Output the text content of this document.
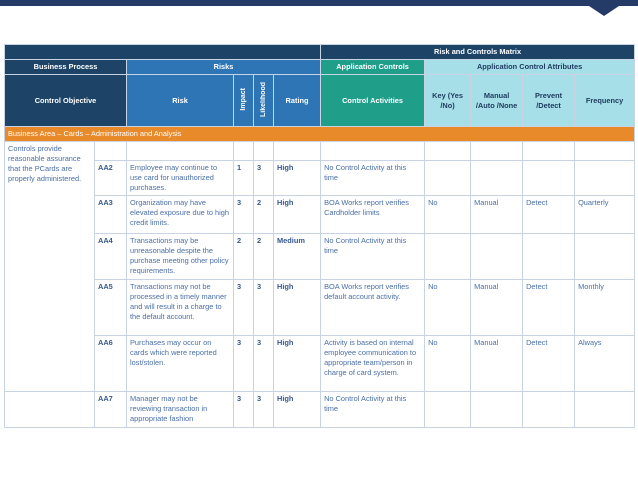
						Risk and Controls Matrix				
Business Process		Risks				Application Controls	Application Control Attributes			
Control Objective		Risk	Impact	Likelihood	Rating	Control Activities	Key (Yes /No)	Manual /Auto /None	Prevent /Detect	Frequency
Business Area – Cards – Administration and Analysis										
Controls provide reasonable assurance that the PCards are properly administered.										
	AA2	Employee may continue to use card for unauthorized purchases.	1	3	High	No Control Activity at this time				
	AA3	Organization may have elevated exposure due to high credit limits.	3	2	High	BOA Works report verifies Cardholder limits	No	Manual	Detect	Quarterly
	AA4	Transactions may be unreasonable despite the purchase meeting other policy requirements.	2	2	Medium	No Control Activity at this time				
	AA5	Transactions may not be processed in a timely manner and will result in a charge to the default account.	3	3	High	BOA Works report verifies default account activity.	No	Manual	Detect	Monthly
	AA6	Purchases may occur on cards which were reported lost/stolen.	3	3	High	Activity is based on internal employee communication to appropriate team/person in charge of card system.	No	Manual	Detect	Always
	AA7	Manager may not be reviewing transaction in appropriate fashion	3	3	High	No Control Activity at this time				
